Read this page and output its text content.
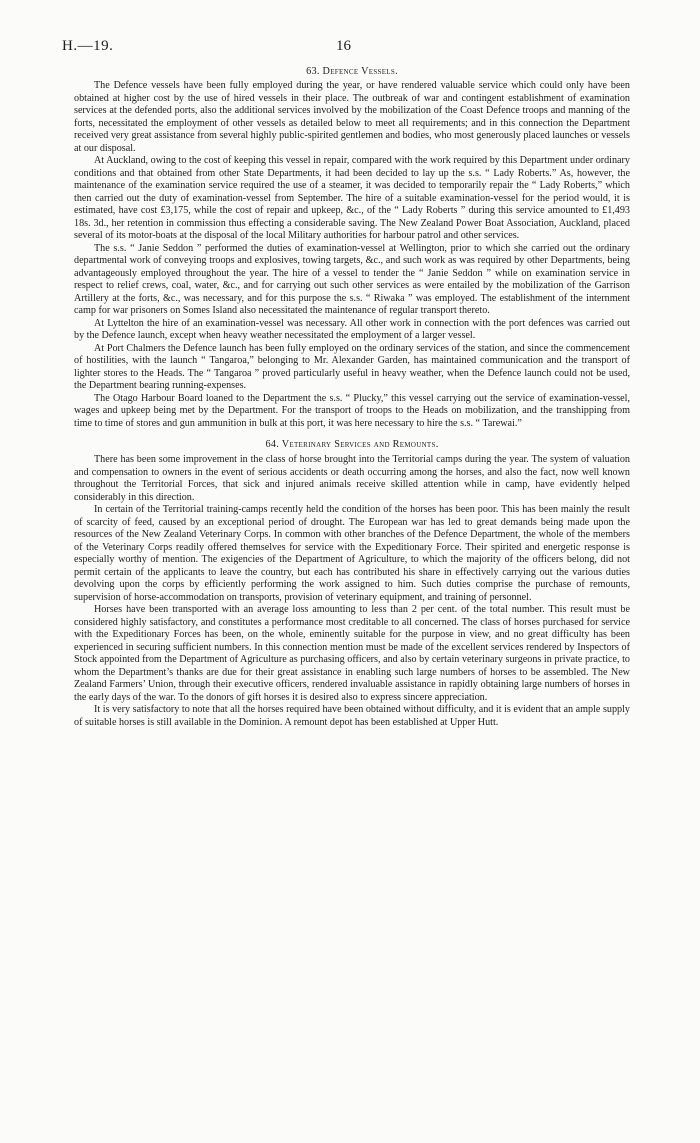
H.—19.	16
63. Defence Vessels.

The Defence vessels have been fully employed during the year, or have rendered valuable service which could only have been obtained at higher cost by the use of hired vessels in their place. The outbreak of war and contingent establishment of examination services at the defended ports, also the additional services involved by the mobilization of the Coast Defence troops and manning of the forts, necessitated the employment of other vessels as detailed below to meet all requirements; and in this connection the Department received very great assistance from several highly public-spirited gentlemen and bodies, who most generously placed launches or vessels at our disposal.

At Auckland, owing to the cost of keeping this vessel in repair, compared with the work required by this Department under ordinary conditions and that obtained from other State Departments, it had been decided to lay up the s.s. “ Lady Roberts.” As, however, the maintenance of the examination service required the use of a steamer, it was decided to temporarily repair the “ Lady Roberts,” which then carried out the duty of examination-vessel from September. The hire of a suitable examination-vessel for the period would, it is estimated, have cost £3,175, while the cost of repair and upkeep, &c., of the “ Lady Roberts ” during this service amounted to £1,493 18s. 3d., her retention in commission thus effecting a considerable saving. The New Zealand Power Boat Association, Auckland, placed several of its motor-boats at the disposal of the local Military authorities for harbour patrol and other services.

The s.s. “ Janie Seddon ” performed the duties of examination-vessel at Wellington, prior to which she carried out the ordinary departmental work of conveying troops and explosives, towing targets, &c., and such work as was required by other Departments, being advantageously employed throughout the year. The hire of a vessel to tender the “ Janie Seddon ” while on examination service in respect to relief crews, coal, water, &c., and for carrying out such other services as were entailed by the mobilization of the Garrison Artillery at the forts, &c., was necessary, and for this purpose the s.s. “ Riwaka ” was employed. The establishment of the internment camp for war prisoners on Somes Island also necessitated the maintenance of regular transport thereto.

At Lyttelton the hire of an examination-vessel was necessary. All other work in connection with the port defences was carried out by the Defence launch, except when heavy weather necessitated the employment of a larger vessel.

At Port Chalmers the Defence launch has been fully employed on the ordinary services of the station, and since the commencement of hostilities, with the launch “ Tangaroa,” belonging to Mr. Alexander Garden, has maintained communication and the transport of lighter stores to the Heads. The “ Tangaroa ” proved particularly useful in heavy weather, when the Defence launch could not be used, the Department bearing running-expenses.

The Otago Harbour Board loaned to the Department the s.s. “ Plucky,” this vessel carrying out the service of examination-vessel, wages and upkeep being met by the Department. For the transport of troops to the Heads on mobilization, and the transhipping from time to time of stores and gun ammunition in bulk at this port, it was here necessary to hire the s.s. “ Tarewai.”

64. Veterinary Services and Remounts.

There has been some improvement in the class of horse brought into the Territorial camps during the year. The system of valuation and compensation to owners in the event of serious accidents or death occurring among the horses, and also the fact, now well known throughout the Territorial Forces, that sick and injured animals receive skilled attention while in camp, have evidently helped considerably in this direction.

In certain of the Territorial training-camps recently held the condition of the horses has been poor. This has been mainly the result of scarcity of feed, caused by an exceptional period of drought. The European war has led to great demands being made upon the resources of the New Zealand Veterinary Corps. In common with other branches of the Defence Department, the whole of the members of the Veterinary Corps readily offered themselves for service with the Expeditionary Force. Their spirited and energetic response is especially worthy of mention. The exigencies of the Department of Agriculture, to which the majority of the officers belong, did not permit certain of the applicants to leave the country, but each has contributed his share in effectively carrying out the various duties devolving upon the corps by efficiently performing the work assigned to him. Such duties comprise the purchase of remounts, supervision of horse-accommodation on transports, provision of veterinary equipment, and training of personnel.

Horses have been transported with an average loss amounting to less than 2 per cent. of the total number. This result must be considered highly satisfactory, and constitutes a performance most creditable to all concerned. The class of horses purchased for service with the Expeditionary Forces has been, on the whole, eminently suitable for the purpose in view, and no great difficulty has been experienced in securing sufficient numbers. In this connection mention must be made of the excellent services rendered by Inspectors of Stock appointed from the Department of Agriculture as purchasing officers, and also by certain veterinary surgeons in private practice, to whom the Department’s thanks are due for their great assistance in enabling such large numbers of horses to be assembled. The New Zealand Farmers’ Union, through their executive officers, rendered invaluable assistance in rapidly obtaining large numbers of horses in the early days of the war. To the donors of gift horses it is desired also to express sincere appreciation.

It is very satisfactory to note that all the horses required have been obtained without difficulty, and it is evident that an ample supply of suitable horses is still available in the Dominion. A remount depot has been established at Upper Hutt.
